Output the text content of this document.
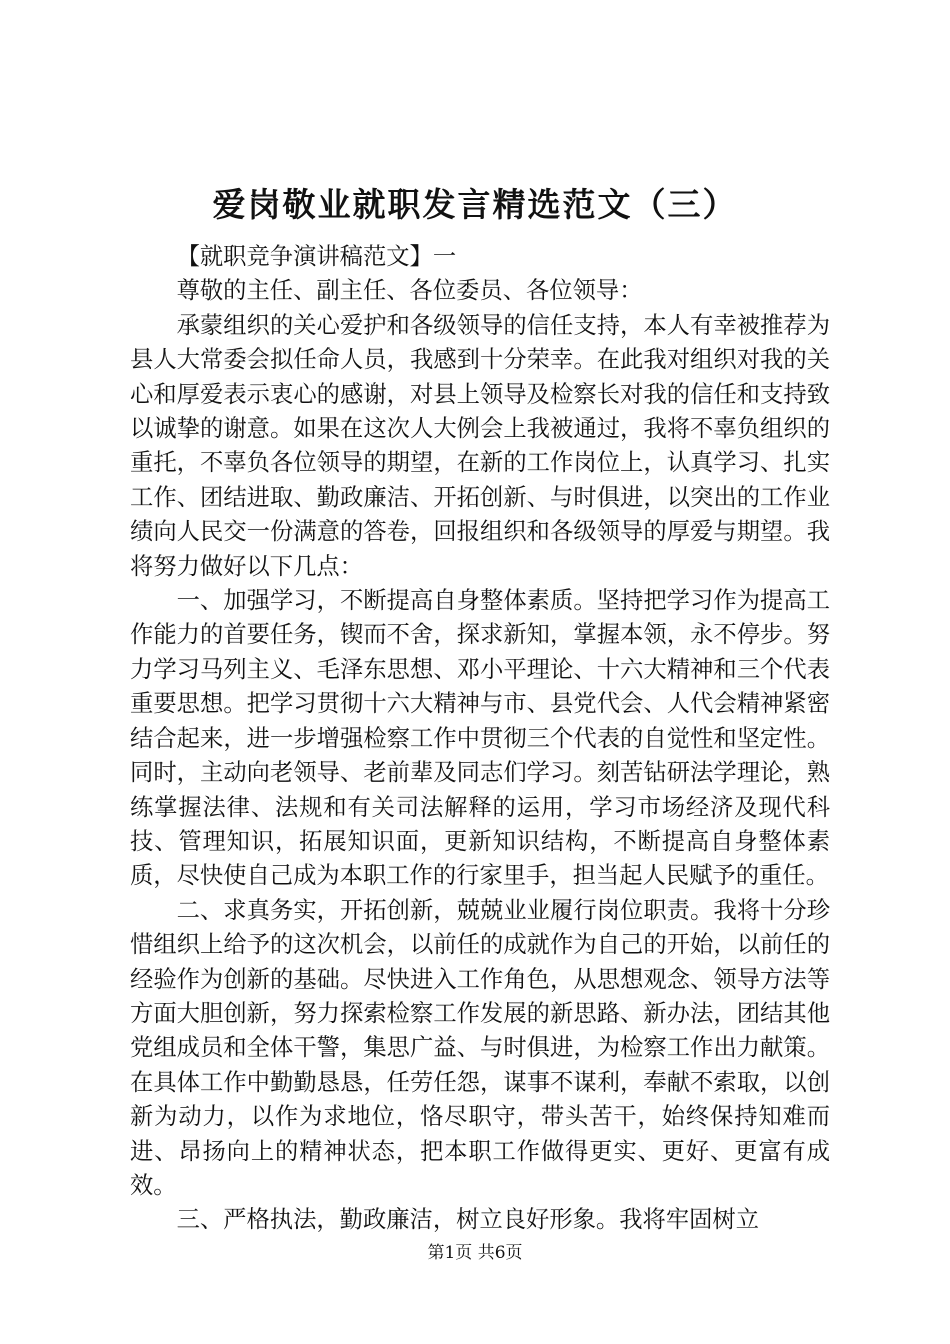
爱岗敬业就职发言精选范文（三）

【就职竞争演讲稿范文】一

尊敬的主任、副主任、各位委员、各位领导：

承蒙组织的关心爱护和各级领导的信任支持，本人有幸被推荐为县人大常委会拟任命人员，我感到十分荣幸。在此我对组织对我的关心和厚爱表示衷心的感谢，对县上领导及检察长对我的信任和支持致以诚挚的谢意。如果在这次人大例会上我被通过，我将不辜负组织的重托，不辜负各位领导的期望，在新的工作岗位上，认真学习、扎实工作、团结进取、勤政廉洁、开拓创新、与时俱进，以突出的工作业绩向人民交一份满意的答卷，回报组织和各级领导的厚爱与期望。我将努力做好以下几点：

一、加强学习，不断提高自身整体素质。坚持把学习作为提高工作能力的首要任务，锲而不舍，探求新知，掌握本领，永不停步。努力学习马列主义、毛泽东思想、邓小平理论、十六大精神和三个代表重要思想。把学习贯彻十六大精神与市、县党代会、人代会精神紧密结合起来，进一步增强检察工作中贯彻三个代表的自觉性和坚定性。同时，主动向老领导、老前辈及同志们学习。刻苦钻研法学理论，熟练掌握法律、法规和有关司法解释的运用，学习市场经济及现代科技、管理知识，拓展知识面，更新知识结构，不断提高自身整体素质，尽快使自己成为本职工作的行家里手，担当起人民赋予的重任。

二、求真务实，开拓创新，兢兢业业履行岗位职责。我将十分珍惜组织上给予的这次机会，以前任的成就作为自己的开始，以前任的经验作为创新的基础。尽快进入工作角色，从思想观念、领导方法等方面大胆创新，努力探索检察工作发展的新思路、新办法，团结其他党组成员和全体干警，集思广益、与时俱进，为检察工作出力献策。在具体工作中勤勤恳恳，任劳任怨，谋事不谋利，奉献不索取，以创新为动力，以作为求地位，恪尽职守，带头苦干，始终保持知难而进、昂扬向上的精神状态，把本职工作做得更实、更好、更富有成效。

三、严格执法，勤政廉洁，树立良好形象。我将牢固树立

第1页 共6页
